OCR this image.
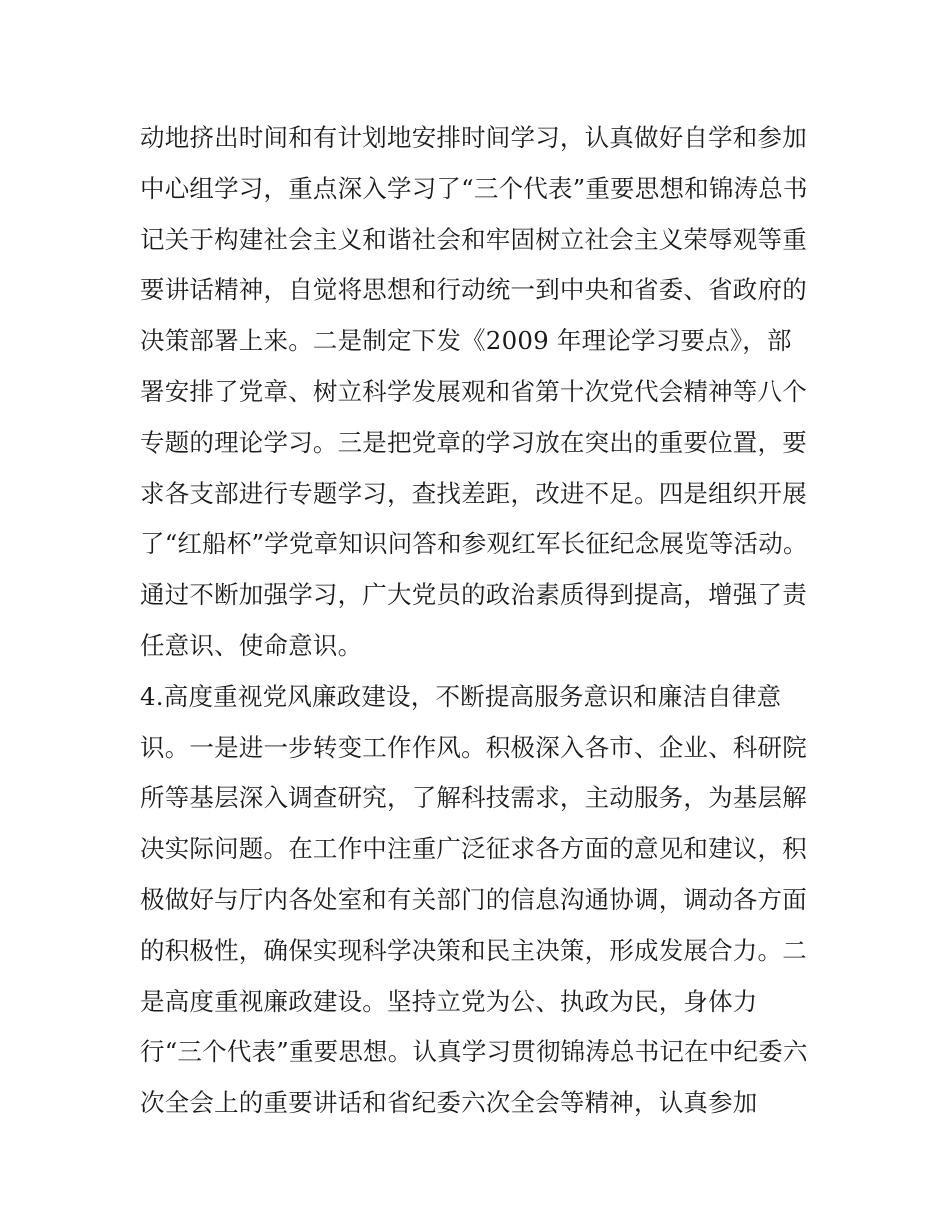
动地挤出时间和有计划地安排时间学习，认真做好自学和参加
中心组学习，重点深入学习了“三个代表”重要思想和锦涛总书
记关于构建社会主义和谐社会和牢固树立社会主义荣辱观等重
要讲话精神，自觉将思想和行动统一到中央和省委、省政府的
决策部署上来。二是制定下发《2009 年理论学习要点》，部
署安排了党章、树立科学发展观和省第十次党代会精神等八个
专题的理论学习。三是把党章的学习放在突出的重要位置，要
求各支部进行专题学习，查找差距，改进不足。四是组织开展
了“红船杯”学党章知识问答和参观红军长征纪念展览等活动。
通过不断加强学习，广大党员的政治素质得到提高，增强了责
任意识、使命意识。
4.高度重视党风廉政建设，不断提高服务意识和廉洁自律意
识。一是进一步转变工作作风。积极深入各市、企业、科研院
所等基层深入调查研究，了解科技需求，主动服务，为基层解
决实际问题。在工作中注重广泛征求各方面的意见和建议，积
极做好与厅内各处室和有关部门的信息沟通协调，调动各方面
的积极性，确保实现科学决策和民主决策，形成发展合力。二
是高度重视廉政建设。坚持立党为公、执政为民，身体力
行“三个代表”重要思想。认真学习贯彻锦涛总书记在中纪委六
次全会上的重要讲话和省纪委六次全会等精神，认真参加
